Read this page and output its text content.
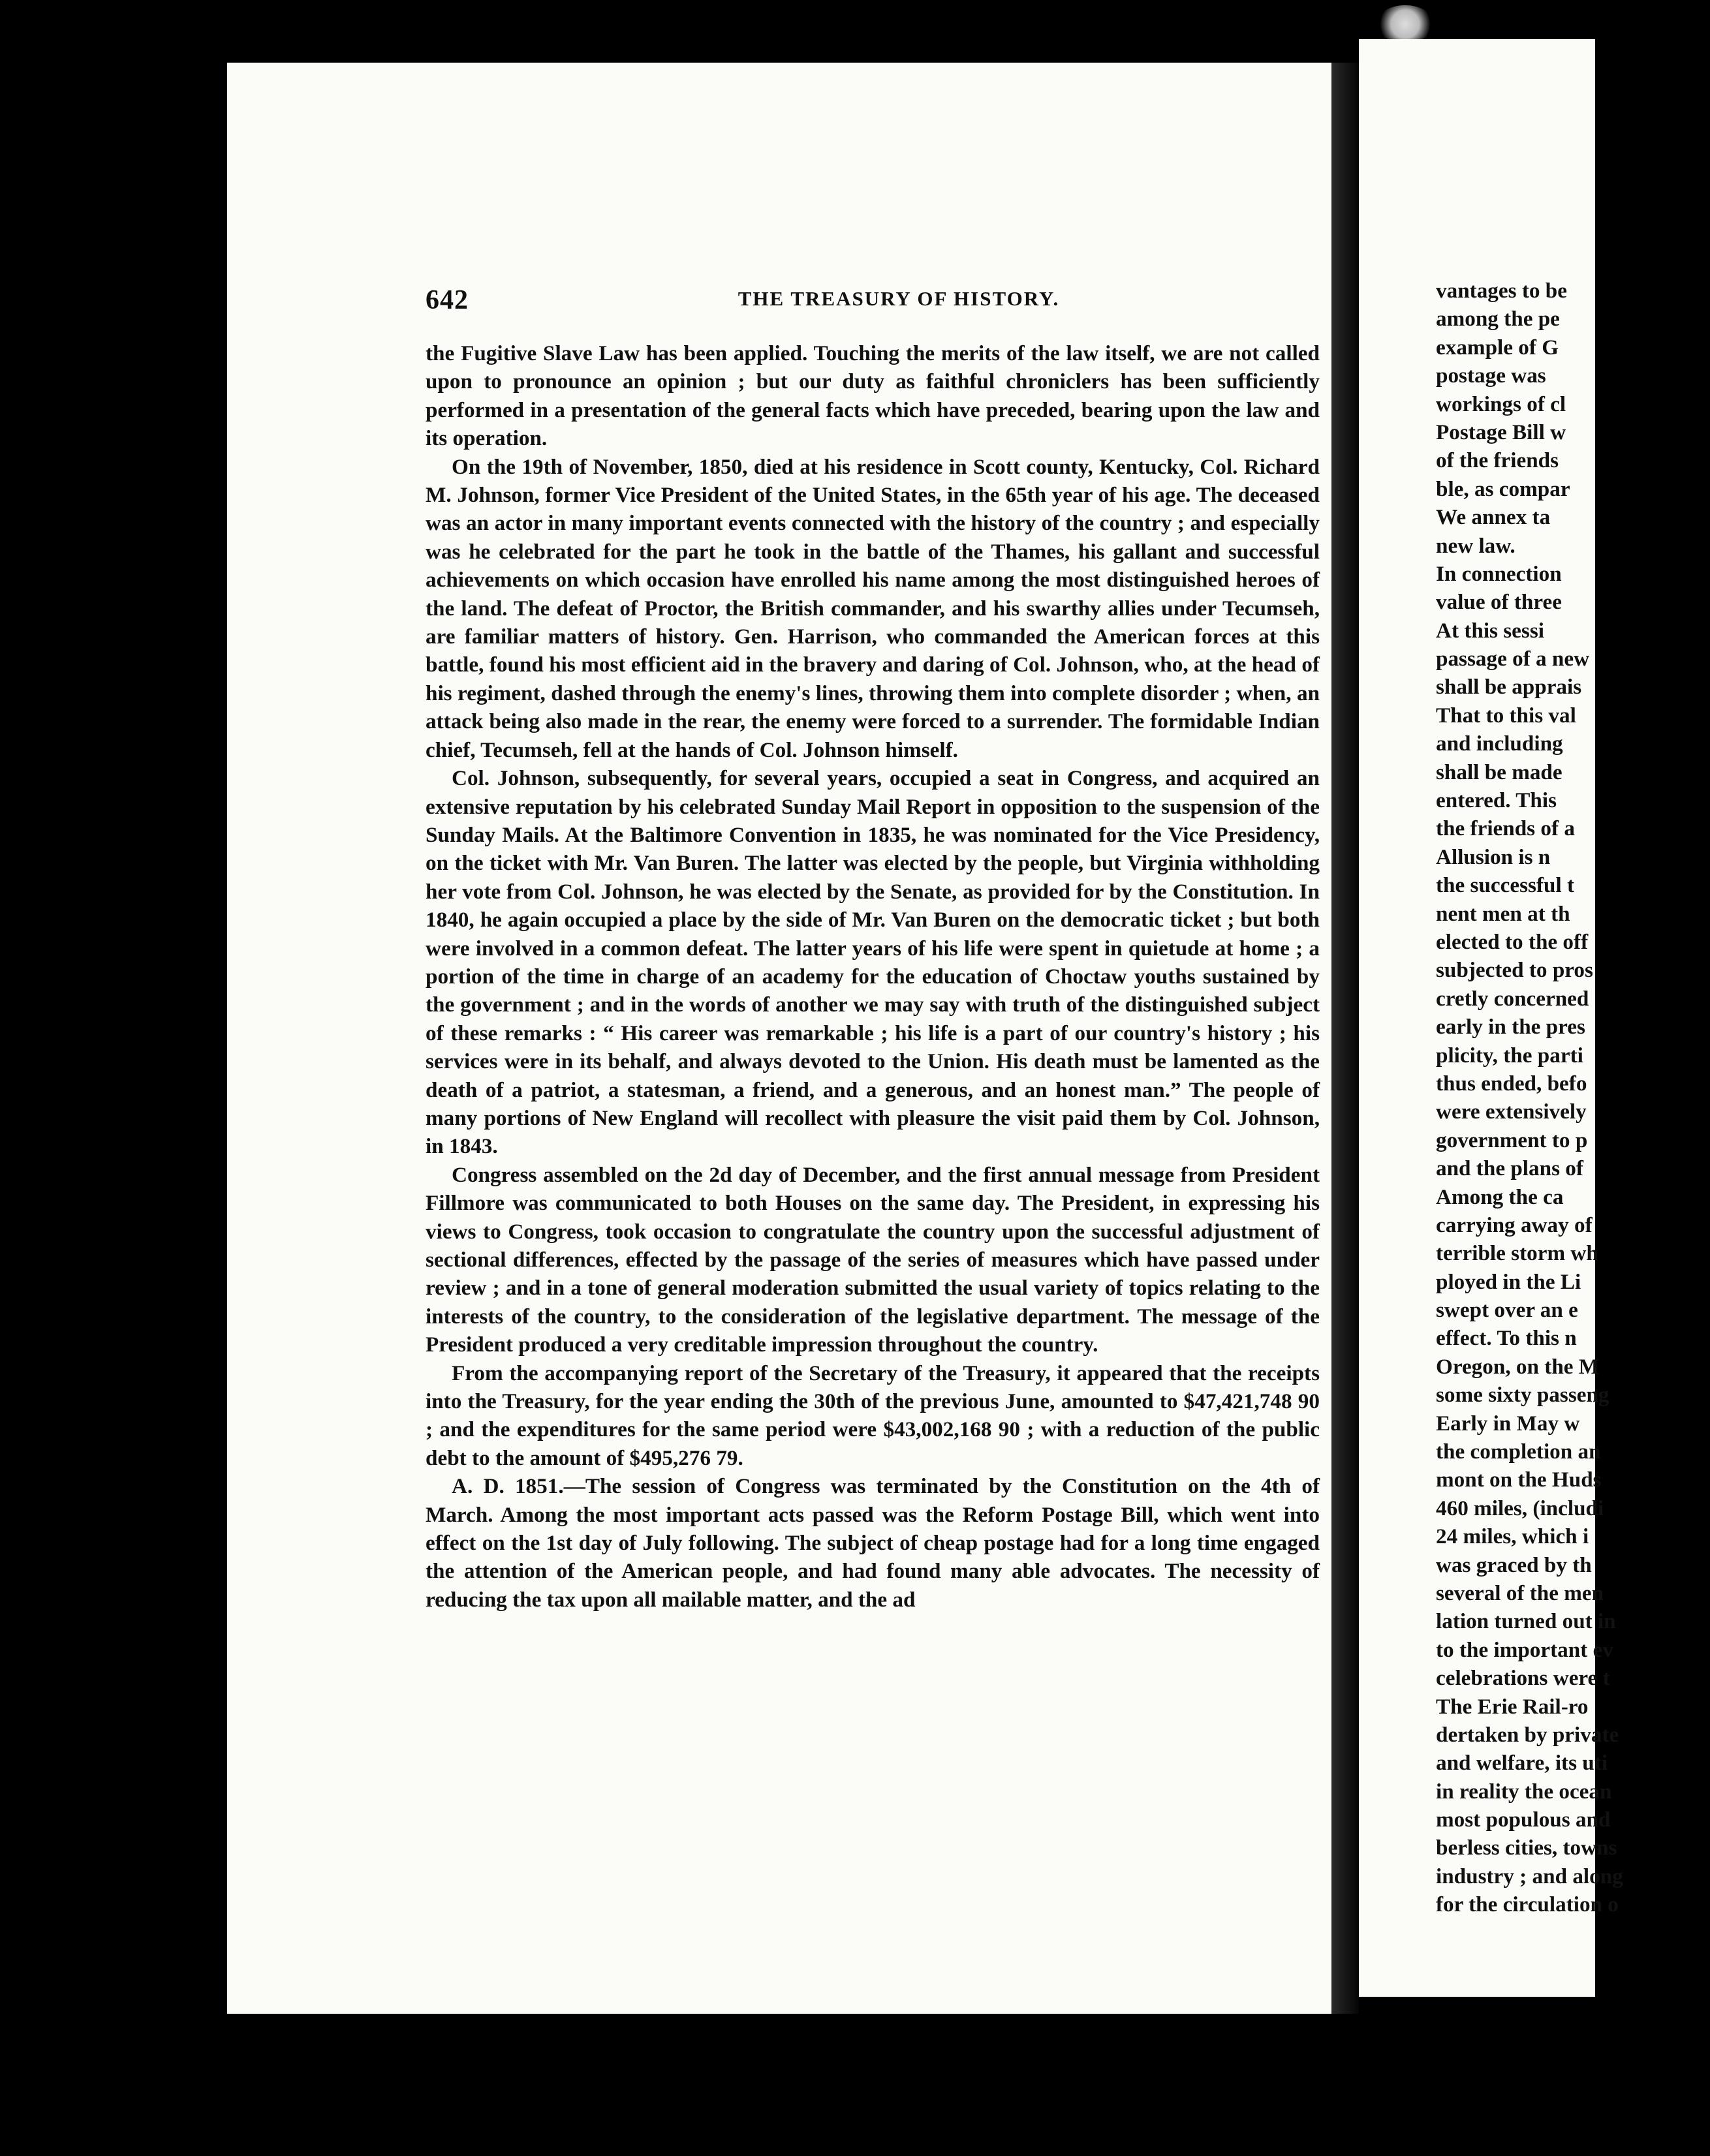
642	THE TREASURY OF HISTORY.

the Fugitive Slave Law has been applied. Touching the merits of the law itself, we are not called upon to pronounce an opinion ; but our duty as faithful chroniclers has been sufficiently performed in a presentation of the general facts which have preceded, bearing upon the law and its operation.

On the 19th of November, 1850, died at his residence in Scott county, Kentucky, Col. Richard M. Johnson, former Vice President of the United States, in the 65th year of his age. The deceased was an actor in many important events connected with the history of the country ; and especially was he celebrated for the part he took in the battle of the Thames, his gallant and successful achievements on which occasion have enrolled his name among the most distinguished heroes of the land. The defeat of Proctor, the British commander, and his swarthy allies under Tecumseh, are familiar matters of history. Gen. Harrison, who commanded the American forces at this battle, found his most efficient aid in the bravery and daring of Col. Johnson, who, at the head of his regiment, dashed through the enemy's lines, throwing them into complete disorder ; when, an attack being also made in the rear, the enemy were forced to a surrender. The formidable Indian chief, Tecumseh, fell at the hands of Col. Johnson himself.

Col. Johnson, subsequently, for several years, occupied a seat in Congress, and acquired an extensive reputation by his celebrated Sunday Mail Report in opposition to the suspension of the Sunday Mails. At the Baltimore Convention in 1835, he was nominated for the Vice Presidency, on the ticket with Mr. Van Buren. The latter was elected by the people, but Virginia withholding her vote from Col. Johnson, he was elected by the Senate, as provided for by the Constitution. In 1840, he again occupied a place by the side of Mr. Van Buren on the democratic ticket ; but both were involved in a common defeat. The latter years of his life were spent in quietude at home ; a portion of the time in charge of an academy for the education of Choctaw youths sustained by the government ; and in the words of another we may say with truth of the distinguished subject of these remarks : “ His career was remarkable ; his life is a part of our country's history ; his services were in its behalf, and always devoted to the Union. His death must be lamented as the death of a patriot, a statesman, a friend, and a generous, and an honest man.” The people of many portions of New England will recollect with pleasure the visit paid them by Col. Johnson, in 1843.

Congress assembled on the 2d day of December, and the first annual message from President Fillmore was communicated to both Houses on the same day. The President, in expressing his views to Congress, took occasion to congratulate the country upon the successful adjustment of sectional differences, effected by the passage of the series of measures which have passed under review ; and in a tone of general moderation submitted the usual variety of topics relating to the interests of the country, to the consideration of the legislative department. The message of the President produced a very creditable impression throughout the country.

From the accompanying report of the Secretary of the Treasury, it appeared that the receipts into the Treasury, for the year ending the 30th of the previous June, amounted to $47,421,748 90 ; and the expenditures for the same period were $43,002,168 90 ; with a reduction of the public debt to the amount of $495,276 79.

A. D. 1851.—The session of Congress was terminated by the Constitution on the 4th of March. Among the most important acts passed was the Reform Postage Bill, which went into effect on the 1st day of July following. The subject of cheap postage had for a long time engaged the attention of the American people, and had found many able advocates. The necessity of reducing the tax upon all mailable matter, and the ad

vantages to be
among the pe
example of G
postage was
workings of cl
Postage Bill w
of the friends
ble, as compar
We annex ta
new law.
In connection
value of three
At this sessi
passage of a new
shall be apprais
That to this val
and including
shall be made
entered. This
the friends of a
Allusion is n
the successful t
nent men at th
elected to the off
subjected to pros
cretly concerned
early in the pres
plicity, the parti
thus ended, befo
were extensively
government to p
and the plans of
Among the ca
carrying away of
terrible storm wh
ployed in the Li
swept over an e
effect. To this n
Oregon, on the M
some sixty passeng
Early in May w
the completion an
mont on the Huds
460 miles, (includi
24 miles, which i
was graced by th
several of the men
lation turned out in
to the important ev
celebrations were t
The Erie Rail-ro
dertaken by private
and welfare, its uti
in reality the ocean
most populous and
berless cities, towns
industry ; and along
for the circulation o
